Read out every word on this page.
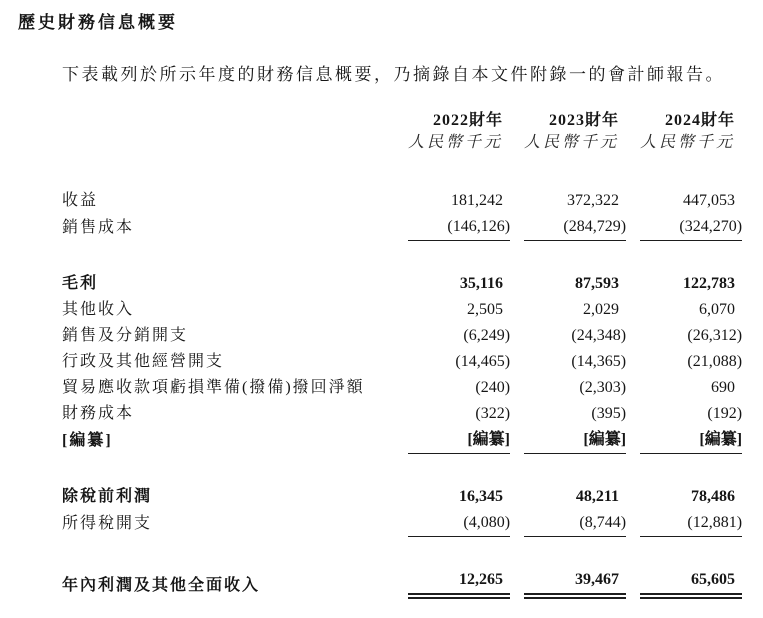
歷史財務信息概要

下表載列於所示年度的財務信息概要，乃摘錄自本文件附錄一的會計師報告。

	2022財年	2023財年	2024財年
	人民幣千元	人民幣千元	人民幣千元

收益	181,242	372,322	447,053
銷售成本	(146,126)	(284,729)	(324,270)

毛利	35,116	87,593	122,783
其他收入	2,505	2,029	6,070
銷售及分銷開支	(6,249)	(24,348)	(26,312)
行政及其他經營開支	(14,465)	(14,365)	(21,088)
貿易應收款項虧損準備(撥備)撥回淨額	(240)	(2,303)	690
財務成本	(322)	(395)	(192)
[編纂]	[編纂]	[編纂]	[編纂]

除稅前利潤	16,345	48,211	78,486
所得稅開支	(4,080)	(8,744)	(12,881)

年內利潤及其他全面收入	12,265	39,467	65,605
